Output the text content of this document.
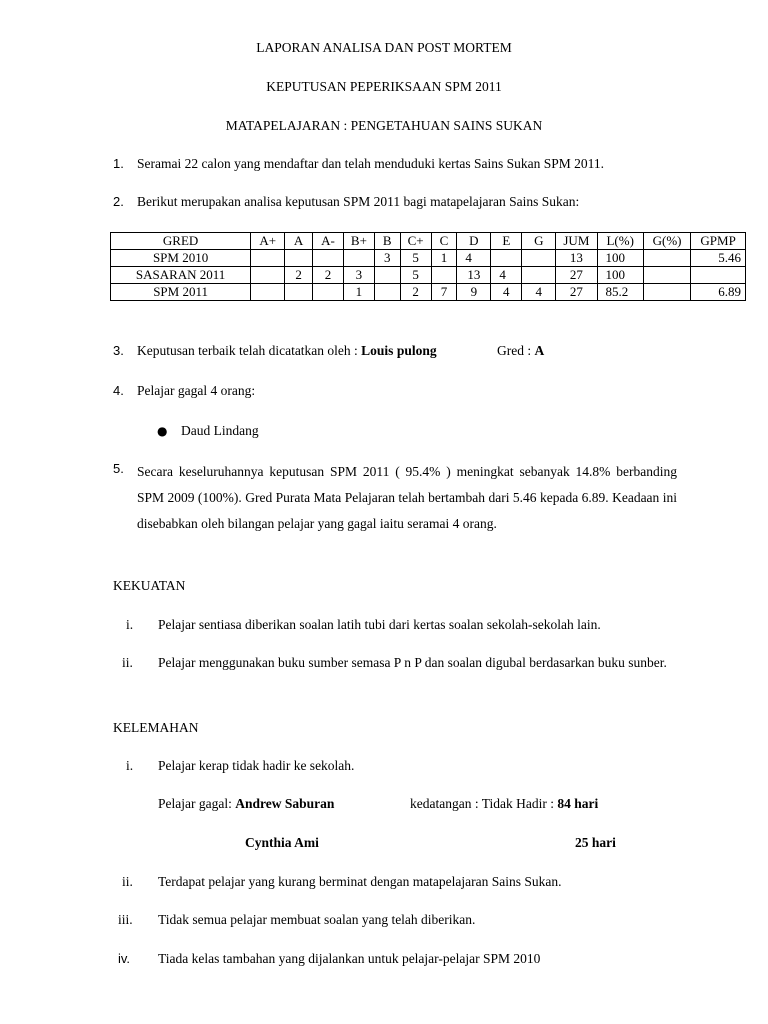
LAPORAN ANALISA DAN POST MORTEM
KEPUTUSAN PEPERIKSAAN SPM 2011
MATAPELAJARAN : PENGETAHUAN SAINS SUKAN
1. Seramai 22 calon yang mendaftar dan telah menduduki kertas Sains Sukan SPM 2011.
2. Berikut merupakan analisa keputusan SPM 2011 bagi matapelajaran Sains Sukan:
GRED	A+	A	A-	B+	B	C+	C	D	E	G	JUM	L(%)	G(%)	GPMP
SPM 2010					3	5	1	4			13	100		5.46
SASARAN 2011		2	2	3		5		13	4		27	100		
SPM 2011				1		2	7	9	4	4	27	85.2		6.89
3. Keputusan terbaik telah dicatatkan oleh : Louis pulong	Gred : A
4. Pelajar gagal 4 orang:
● Daud Lindang
5. Secara keseluruhannya keputusan SPM 2011 ( 95.4% ) meningkat sebanyak 14.8% berbanding SPM 2009 (100%). Gred Purata Mata Pelajaran telah bertambah dari 5.46 kepada 6.89. Keadaan ini disebabkan oleh bilangan pelajar yang gagal iaitu seramai 4 orang.
KEKUATAN
i. Pelajar sentiasa diberikan soalan latih tubi dari kertas soalan sekolah-sekolah lain.
ii. Pelajar menggunakan buku sumber semasa P n P dan soalan digubal berdasarkan buku sunber.
KELEMAHAN
i. Pelajar kerap tidak hadir ke sekolah.
Pelajar gagal: Andrew Saburan	kedatangan : Tidak Hadir : 84 hari
Cynthia Ami	25 hari
ii. Terdapat pelajar yang kurang berminat dengan matapelajaran Sains Sukan.
iii. Tidak semua pelajar membuat soalan yang telah diberikan.
iv. Tiada kelas tambahan yang dijalankan untuk pelajar-pelajar SPM 2010
